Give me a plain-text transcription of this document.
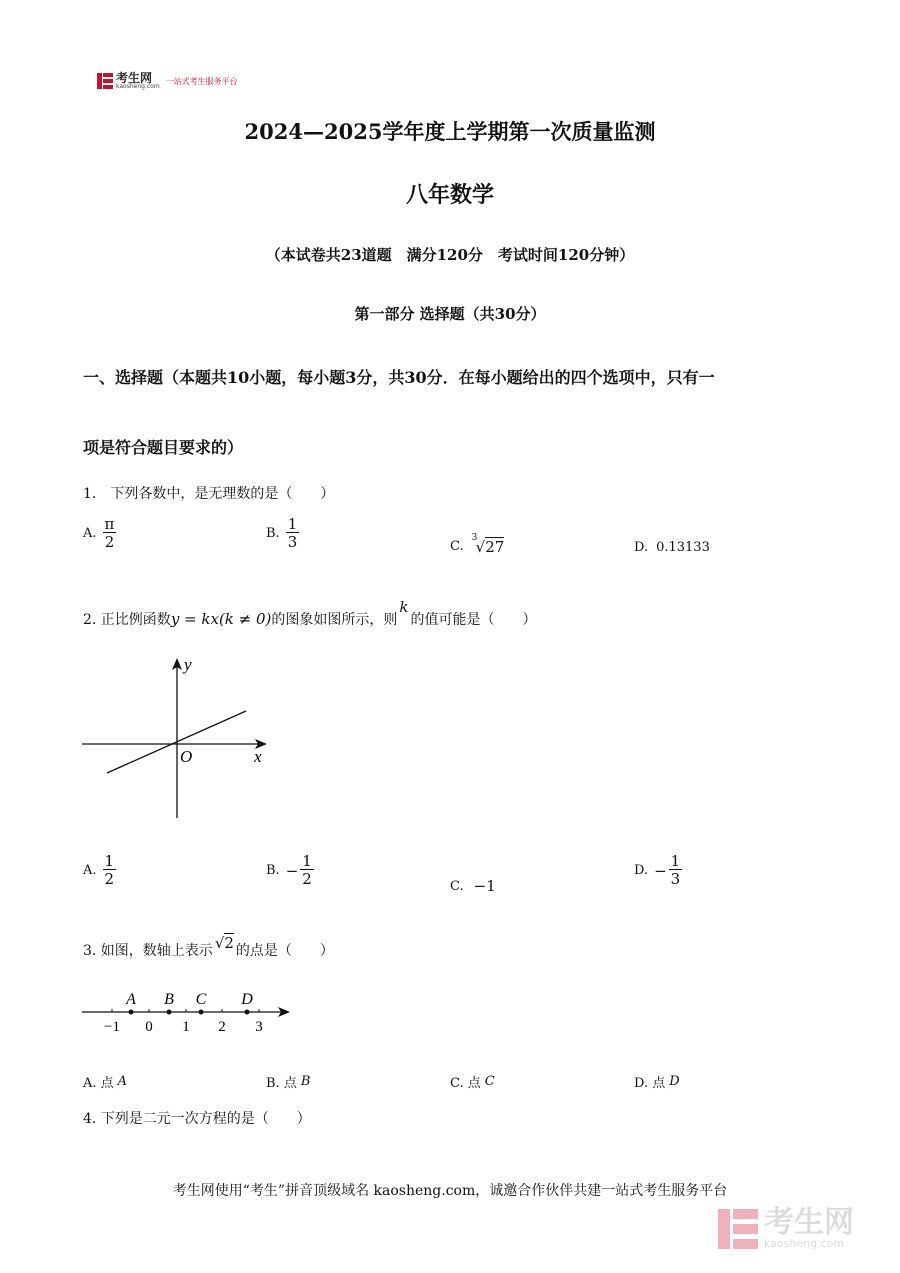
考生网
kaosheng.com
一站式考生服务平台
2024—2025学年度上学期第一次质量监测
八年数学
（本试卷共23道题　满分120分　考试时间120分钟）
第一部分 选择题（共30分）
一、选择题（本题共10小题，每小题3分，共30分．在每小题给出的四个选项中，只有一
项是符合题目要求的）
1.　下列各数中，是无理数的是（　　）
A. $\frac{\pi}{2}$	B. $\frac{1}{3}$	C.
3
√ 27	D. 0.13133
2. 正比例函数 y = kx(k ≠ 0) 的图象如图所示，则
k
的值可能是（　　）
y
x
O
A. $\frac{1}{2}$	B. − $\frac{1}{2}$	C. −1
D. − $\frac{1}{3}$
3. 如图，数轴上表示 √ 2 的点是（　　）
−1 0 1 2 3
A B C D
A. 点 A	B. 点 B	C. 点 C	D. 点 D
4. 下列是二元一次方程的是（　　）
考生网使用“考生”拼音顶级域名 kaosheng.com，诚邀合作伙伴共建一站式考生服务平台
考生网
kaosheng.com
